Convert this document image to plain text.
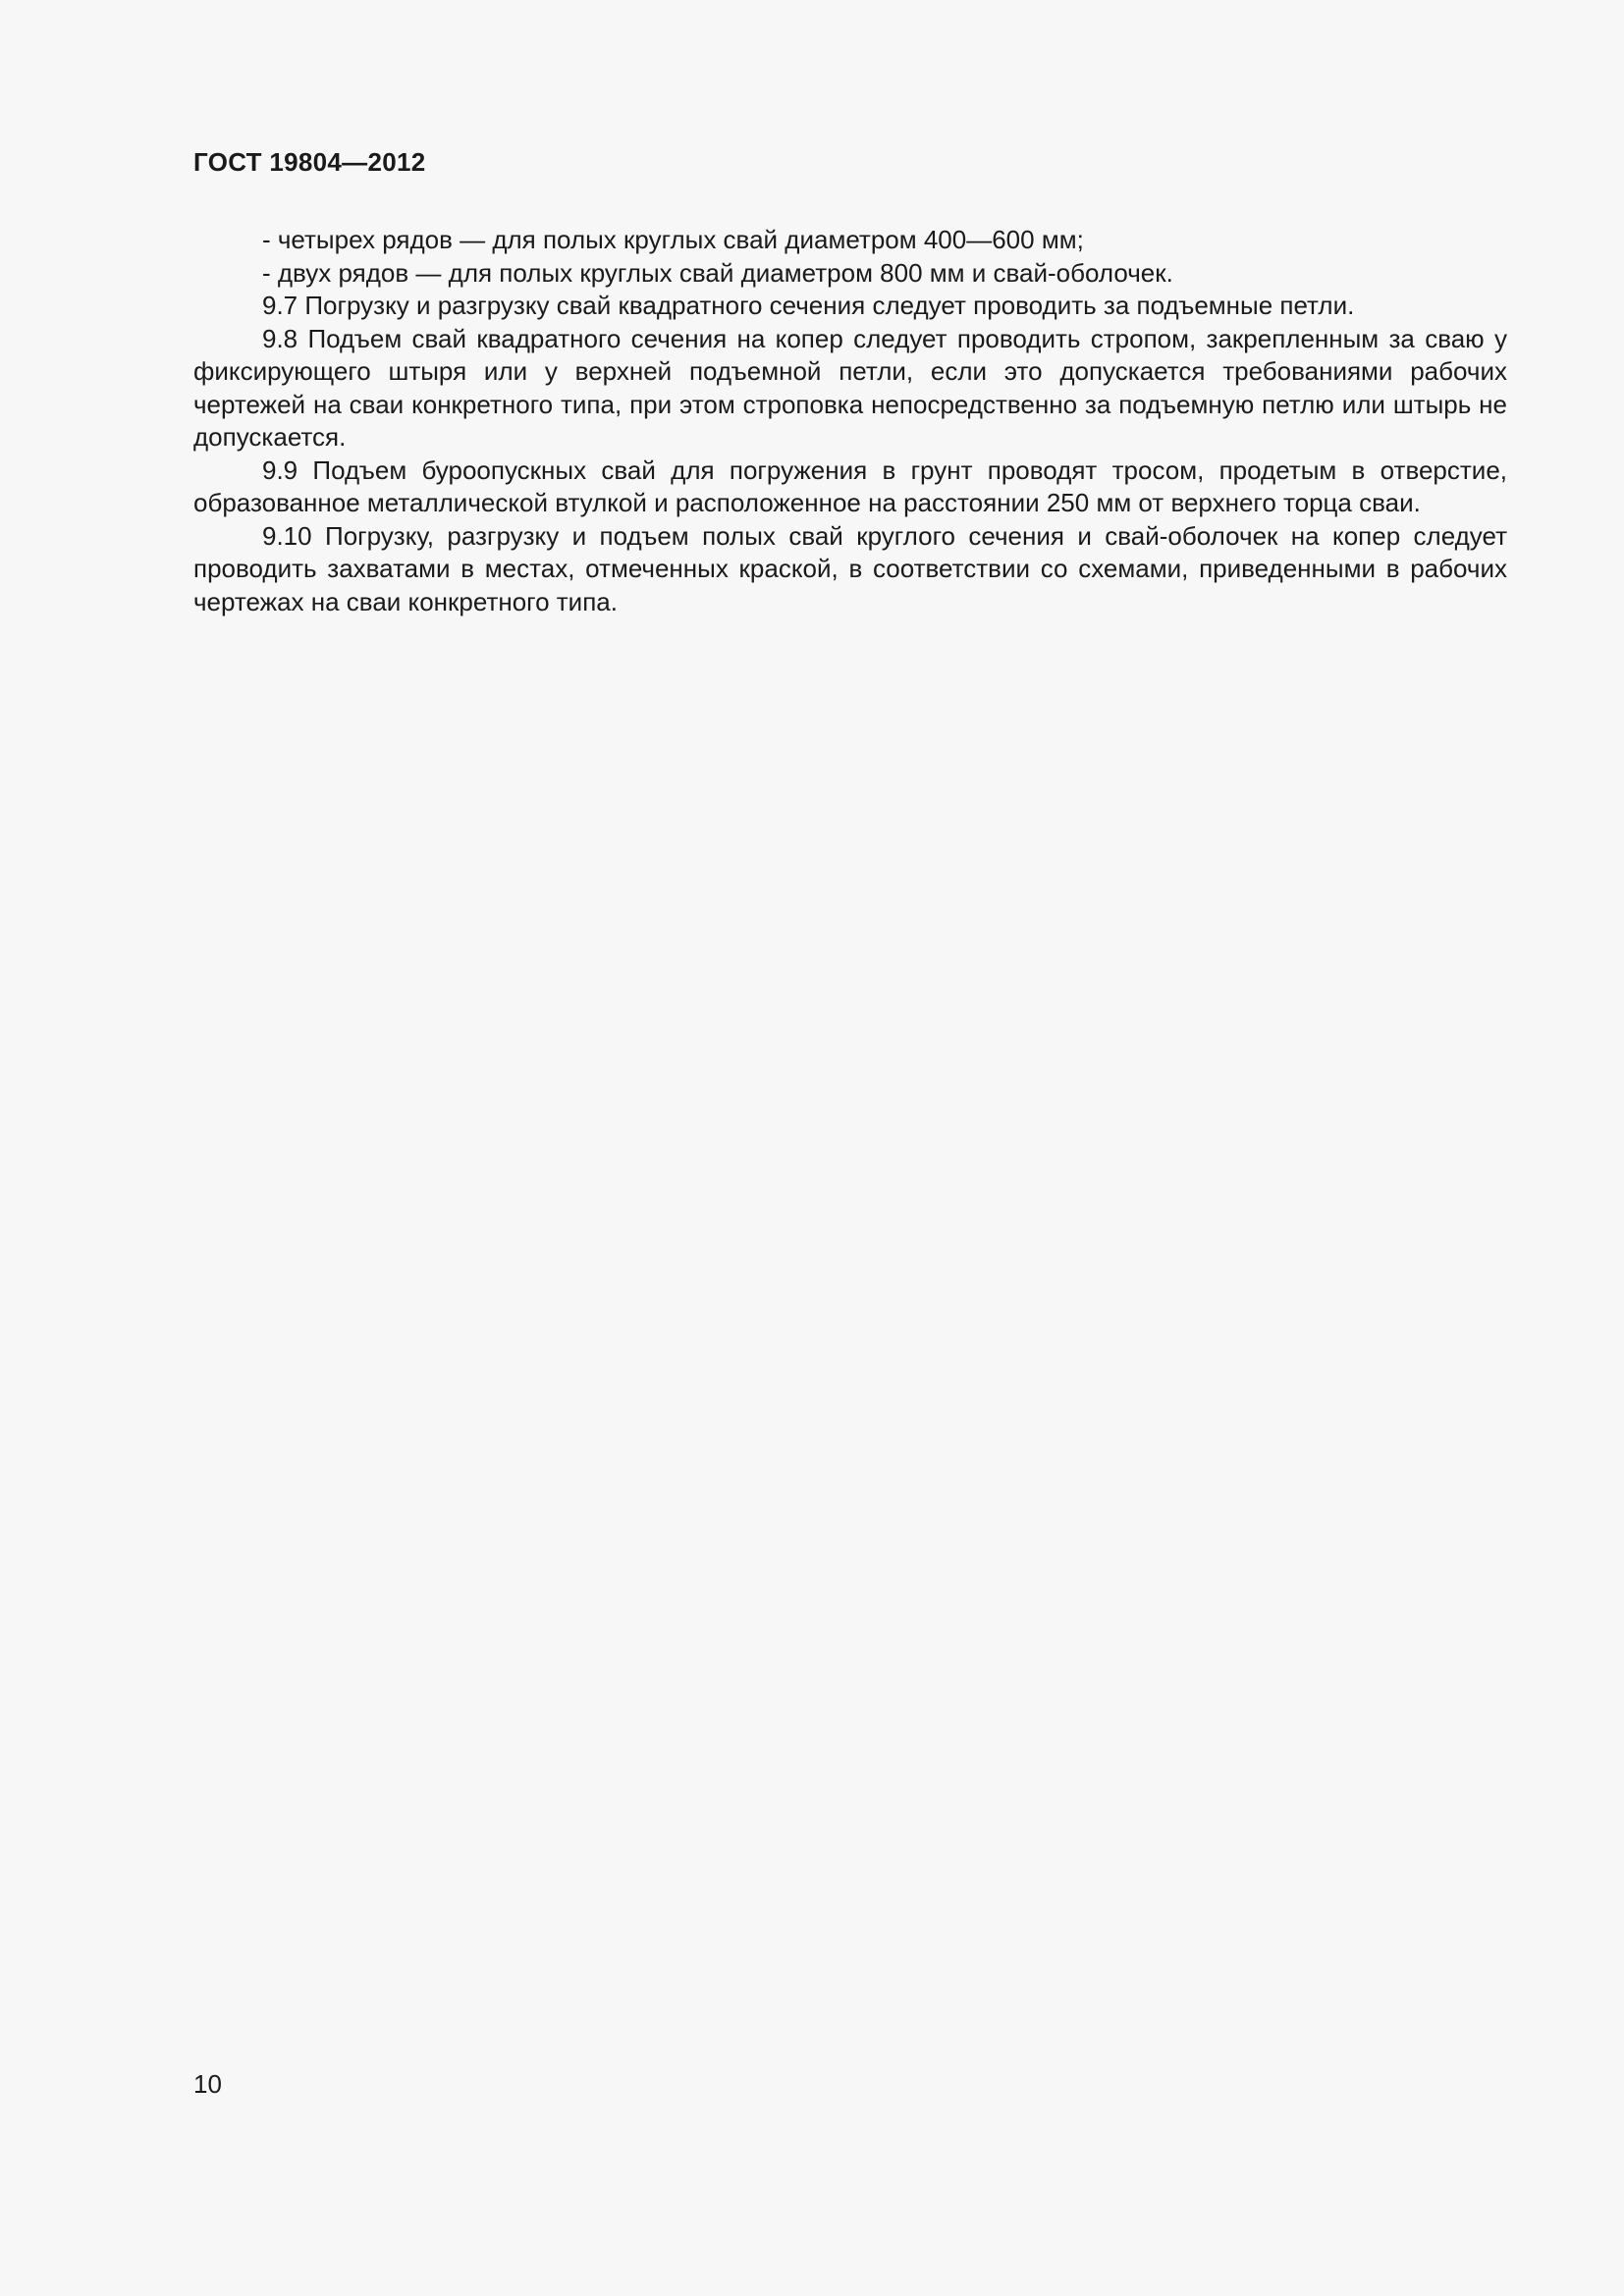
ГОСТ 19804—2012

- четырех рядов — для полых круглых свай диаметром 400—600 мм;

- двух рядов — для полых круглых свай диаметром 800 мм и свай-оболочек.

9.7 Погрузку и разгрузку свай квадратного сечения следует проводить за подъемные петли.

9.8 Подъем свай квадратного сечения на копер следует проводить стропом, закрепленным за сваю у фиксирующего штыря или у верхней подъемной петли, если это допускается требованиями рабочих чертежей на сваи конкретного типа, при этом строповка непосредственно за подъемную петлю или штырь не допускается.

9.9 Подъем буроопускных свай для погружения в грунт проводят тросом, продетым в отверстие, образованное металлической втулкой и расположенное на расстоянии 250 мм от верхнего торца сваи.

9.10 Погрузку, разгрузку и подъем полых свай круглого сечения и свай-оболочек на копер следует проводить захватами в местах, отмеченных краской, в соответствии со схемами, приведенными в рабочих чертежах на сваи конкретного типа.

10
